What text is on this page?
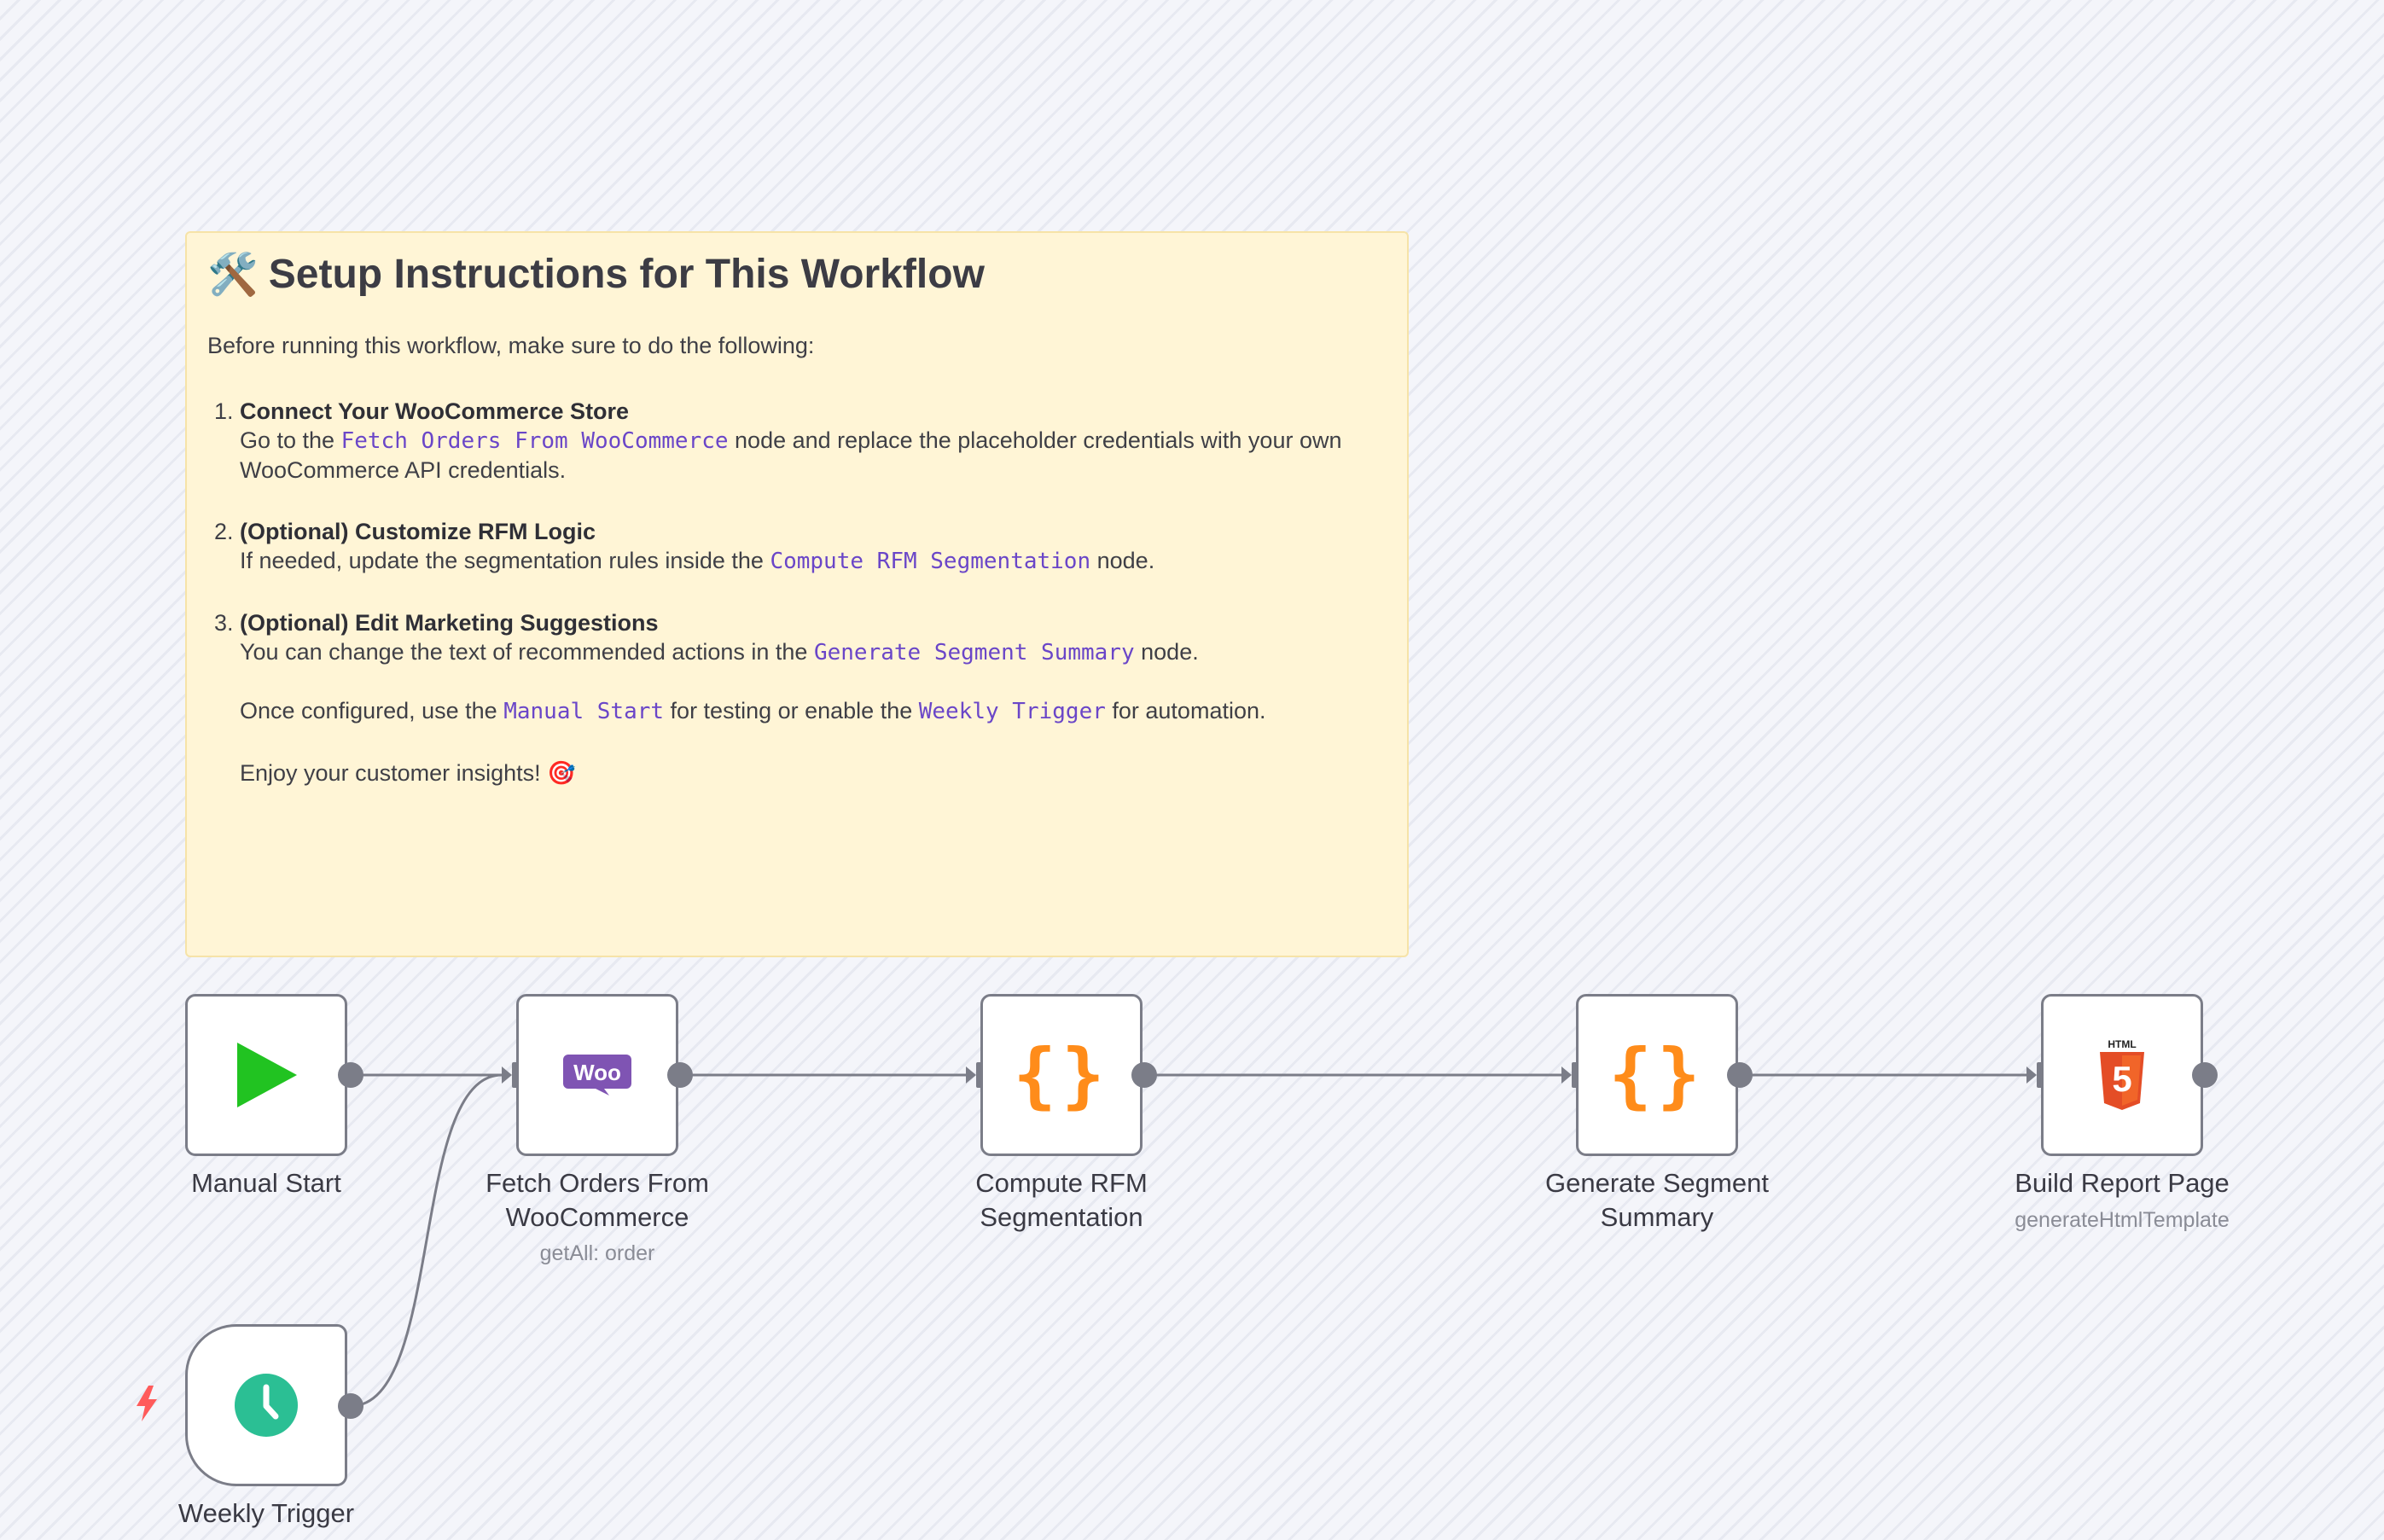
🛠️ Setup Instructions for This Workflow

Before running this workflow, make sure to do the following:

1. Connect Your WooCommerce Store
Go to the Fetch Orders From WooCommerce node and replace the placeholder credentials with your own WooCommerce API credentials.
2. (Optional) Customize RFM Logic
If needed, update the segmentation rules inside the Compute RFM Segmentation node.
3. (Optional) Edit Marketing Suggestions
You can change the text of recommended actions in the Generate Segment Summary node.

Once configured, use the Manual Start for testing or enable the Weekly Trigger for automation.

Enjoy your customer insights! 🎯

Manual Start
Woo
Fetch Orders From WooCommerce
getAll: order
{}
Compute RFM Segmentation
{}
Generate Segment Summary
HTML
5
Build Report Page
generateHtmlTemplate
Weekly Trigger
